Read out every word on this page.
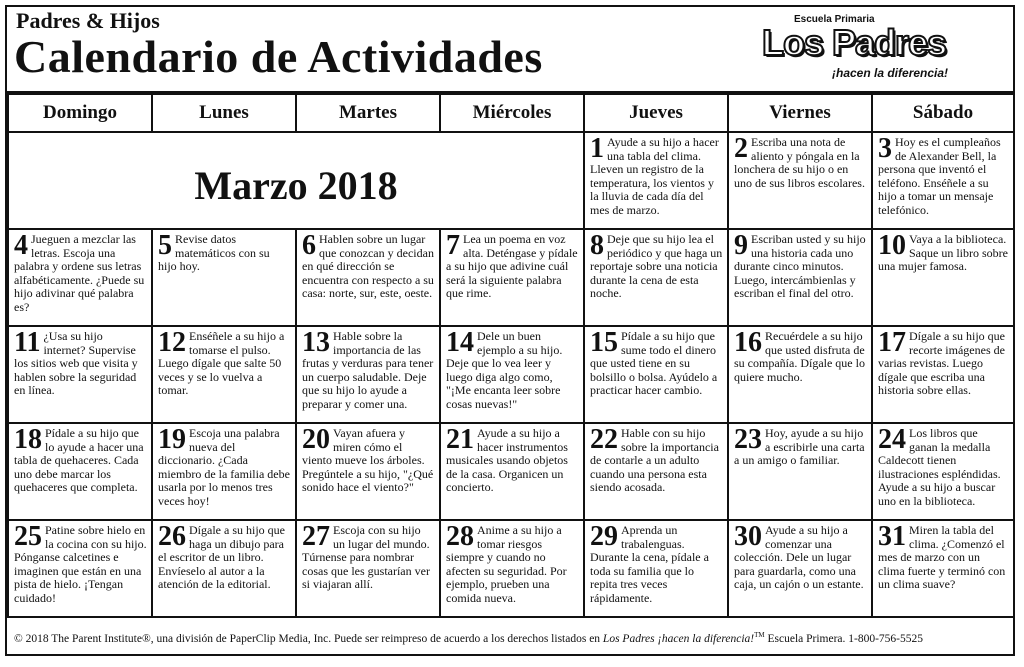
Padres & Hijos
Calendario de Actividades
Escuela Primaria
Los Padres
¡hacen la diferencia!
Domingo	Lunes	Martes	Miércoles	Jueves	Viernes	Sábado
Marzo 2018				1 Ayude a su hijo a hacer una tabla del clima. Lleven un registro de la temperatura, los vientos y la lluvia de cada día del mes de marzo.	2 Escriba una nota de aliento y póngala en la lonchera de su hijo o en uno de sus libros escolares.	3 Hoy es el cumpleaños de Alexander Bell, la persona que inventó el teléfono. Enséñele a su hijo a tomar un mensaje telefónico.

4 Jueguen a mezclar las letras. Escoja una palabra y ordene sus letras alfabéticamente. ¿Puede su hijo adivinar qué palabra es?	5 Revise datos matemáticos con su hijo hoy.	6 Hablen sobre un lugar que conozcan y decidan en qué dirección se encuentra con respecto a su casa: norte, sur, este, oeste.	7 Lea un poema en voz alta. Deténgase y pídale a su hijo que adivine cuál será la siguiente palabra que rime.	8 Deje que su hijo lea el periódico y que haga un reportaje sobre una noticia durante la cena de esta noche.	9 Escriban usted y su hijo una historia cada uno durante cinco minutos. Luego, intercámbienlas y escriban el final del otro.	10 Vaya a la biblioteca. Saque un libro sobre una mujer famosa.

11 ¿Usa su hijo internet? Supervise los sitios web que visita y hablen sobre la seguridad en línea.	12 Enséñele a su hijo a tomarse el pulso. Luego dígale que salte 50 veces y se lo vuelva a tomar.	13 Hable sobre la importancia de las frutas y verduras para tener un cuerpo saludable. Deje que su hijo lo ayude a preparar y comer una.	14 Dele un buen ejemplo a su hijo. Deje que lo vea leer y luego diga algo como, "¡Me encanta leer sobre cosas nuevas!"	15 Pídale a su hijo que sume todo el dinero que usted tiene en su bolsillo o bolsa. Ayúdelo a practicar hacer cambio.	16 Recuérdele a su hijo que usted disfruta de su compañía. Dígale que lo quiere mucho.	17 Dígale a su hijo que recorte imágenes de varias revistas. Luego dígale que escriba una historia sobre ellas.

18 Pídale a su hijo que lo ayude a hacer una tabla de quehaceres. Cada uno debe marcar los quehaceres que completa.	19 Escoja una palabra nueva del diccionario. ¿Cada miembro de la familia debe usarla por lo menos tres veces hoy!	20 Vayan afuera y miren cómo el viento mueve los árboles. Pregúntele a su hijo, "¿Qué sonido hace el viento?"	21 Ayude a su hijo a hacer instrumentos musicales usando objetos de la casa. Organicen un concierto.	22 Hable con su hijo sobre la importancia de contarle a un adulto cuando una persona esta siendo acosada.	23 Hoy, ayude a su hijo a escribirle una carta a un amigo o familiar.	24 Los libros que ganan la medalla Caldecott tienen ilustraciones espléndidas. Ayude a su hijo a buscar uno en la biblioteca.

25 Patine sobre hielo en la cocina con su hijo. Pónganse calcetines e imaginen que están en una pista de hielo. ¡Tengan cuidado!	26 Dígale a su hijo que haga un dibujo para el escritor de un libro. Envíeselo al autor a la atención de la editorial.	27 Escoja con su hijo un lugar del mundo. Túrnense para nombrar cosas que les gustarían ver si viajaran allí.	28 Anime a su hijo a tomar riesgos siempre y cuando no afecten su seguridad. Por ejemplo, prueben una comida nueva.	29 Aprenda un trabalenguas. Durante la cena, pídale a toda su familia que lo repita tres veces rápidamente.	30 Ayude a su hijo a comenzar una colección. Dele un lugar para guardarla, como una caja, un cajón o un estante.	31 Miren la tabla del clima. ¿Comenzó el mes de marzo con un clima fuerte y terminó con un clima suave?
© 2018 The Parent Institute®, una división de PaperClip Media, Inc. Puede ser reimpreso de acuerdo a los derechos listados en Los Padres ¡hacen la diferencia!™ Escuela Primera. 1-800-756-5525
